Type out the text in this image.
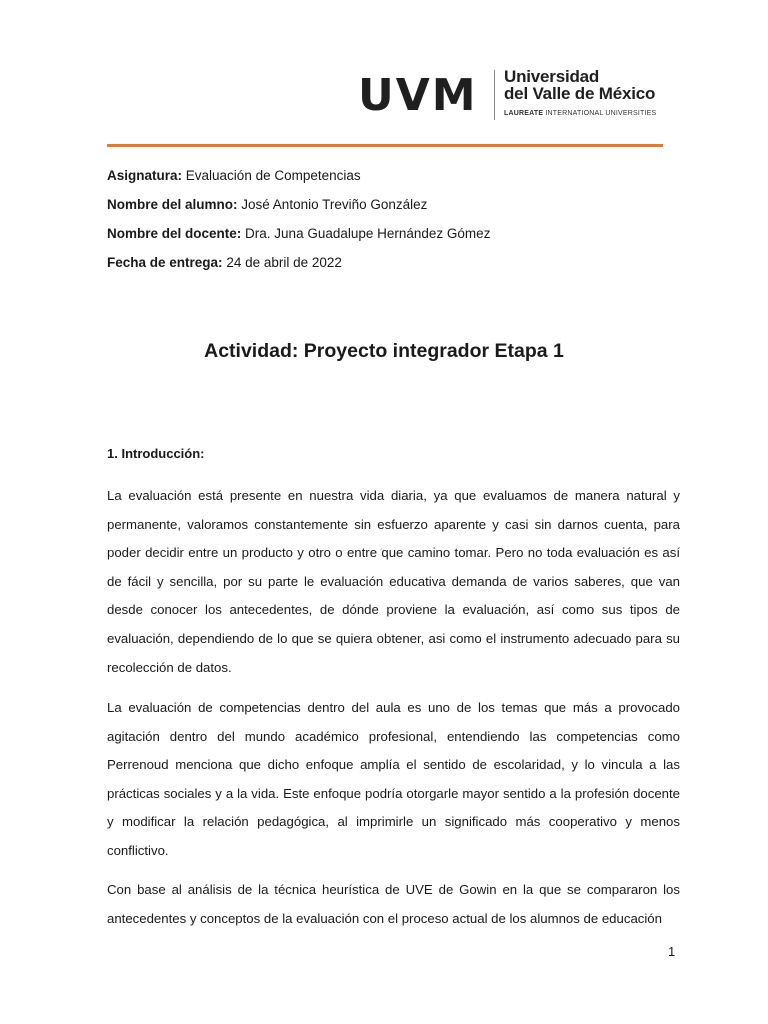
UVM Universidad
del Valle de México
LAUREATE INTERNATIONAL UNIVERSITIES
Asignatura: Evaluación de Competencias
Nombre del alumno: José Antonio Treviño González
Nombre del docente: Dra. Juna Guadalupe Hernández Gómez
Fecha de entrega: 24 de abril de 2022
Actividad: Proyecto integrador Etapa 1
1. Introducción:
La evaluación está presente en nuestra vida diaria, ya que evaluamos de manera natural y permanente, valoramos constantemente sin esfuerzo aparente y casi sin darnos cuenta, para poder decidir entre un producto y otro o entre que camino tomar. Pero no toda evaluación es así de fácil y sencilla, por su parte le evaluación educativa demanda de varios saberes, que van desde conocer los antecedentes, de dónde proviene la evaluación, así como sus tipos de evaluación, dependiendo de lo que se quiera obtener, asi como el instrumento adecuado para su recolección de datos.
La evaluación de competencias dentro del aula es uno de los temas que más a provocado agitación dentro del mundo académico profesional, entendiendo las competencias como Perrenoud menciona que dicho enfoque amplía el sentido de escolaridad, y lo vincula a las prácticas sociales y a la vida. Este enfoque podría otorgarle mayor sentido a la profesión docente y modificar la relación pedagógica, al imprimirle un significado más cooperativo y menos conflictivo.
Con base al análisis de la técnica heurística de UVE de Gowin en la que se compararon los antecedentes y conceptos de la evaluación con el proceso actual de los alumnos de educación
1
